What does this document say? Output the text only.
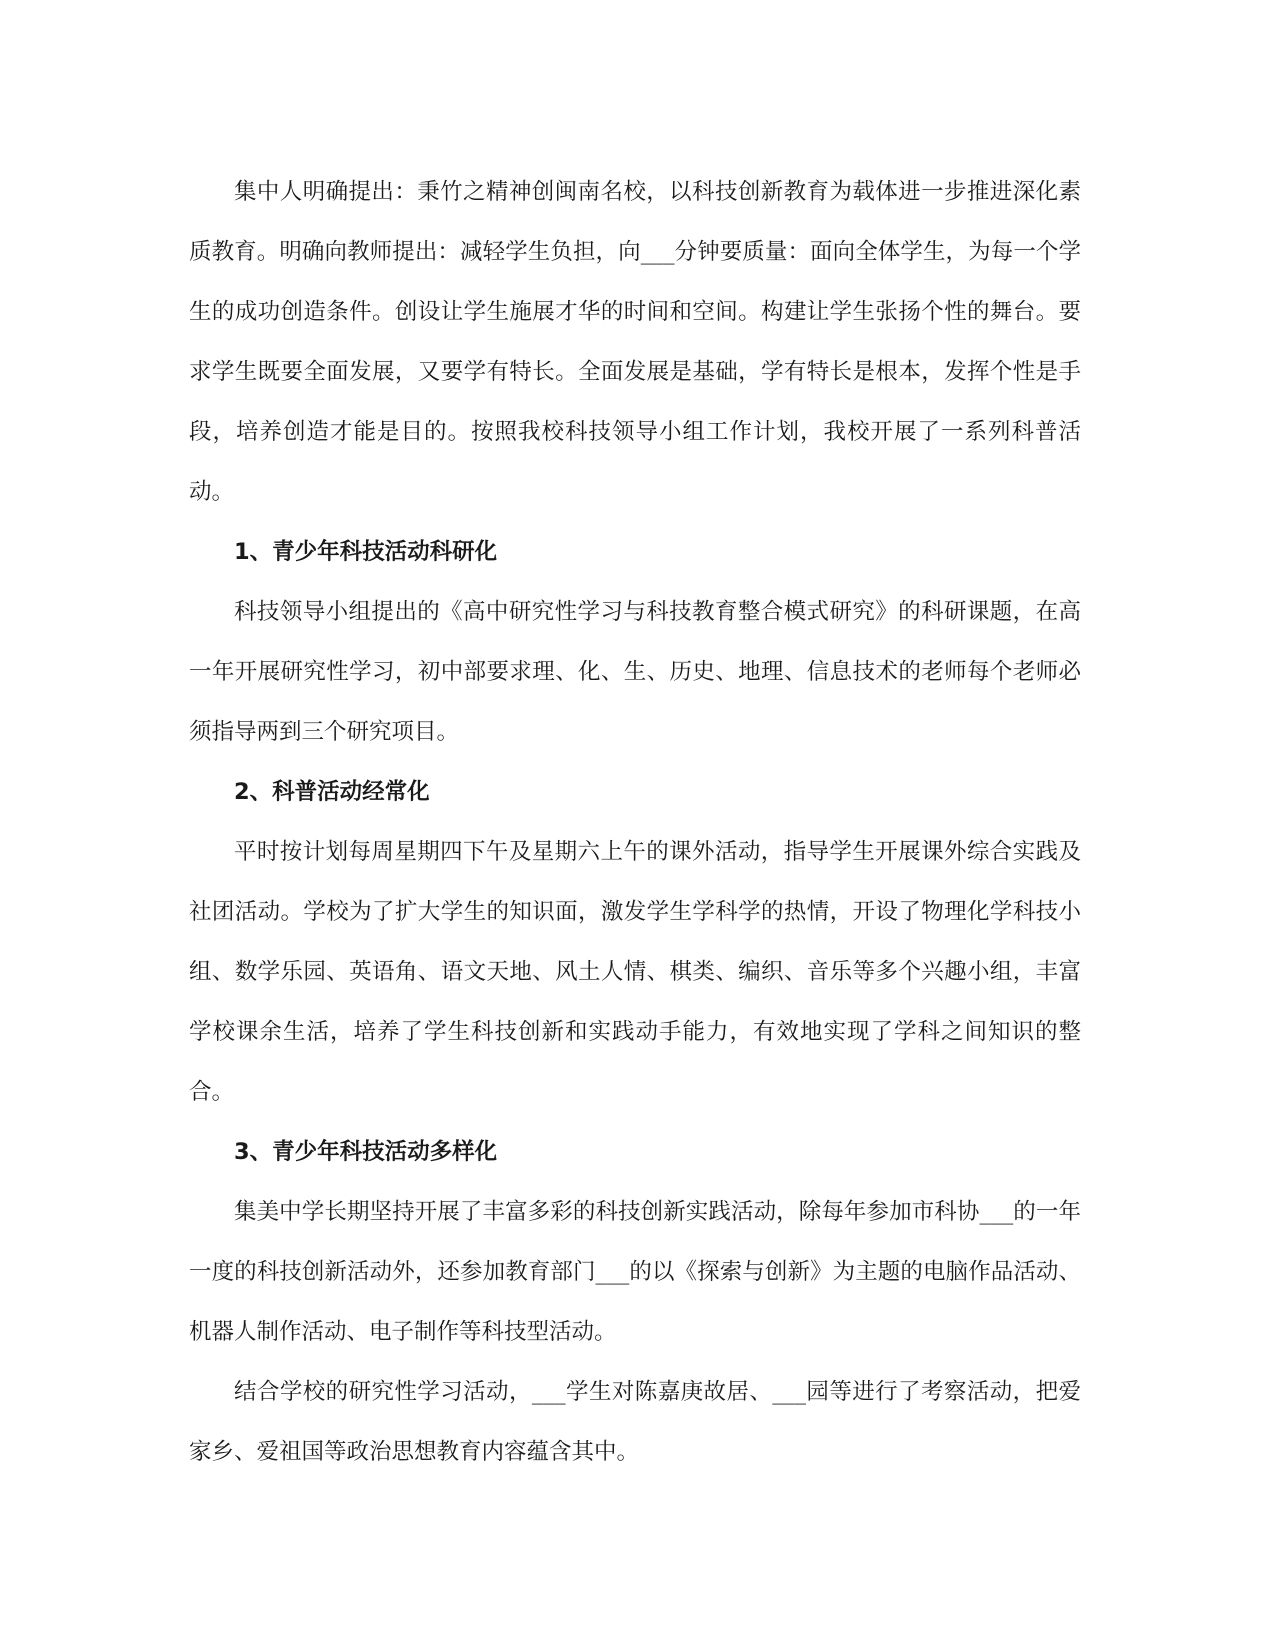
集中人明确提出：秉竹之精神创闽南名校，以科技创新教育为载体进一步推进深化素质教育。明确向教师提出：减轻学生负担，向___分钟要质量：面向全体学生，为每一个学生的成功创造条件。创设让学生施展才华的时间和空间。构建让学生张扬个性的舞台。要求学生既要全面发展，又要学有特长。全面发展是基础，学有特长是根本，发挥个性是手段，培养创造才能是目的。按照我校科技领导小组工作计划，我校开展了一系列科普活动。

1、青少年科技活动科研化

科技领导小组提出的《高中研究性学习与科技教育整合模式研究》的科研课题，在高一年开展研究性学习，初中部要求理、化、生、历史、地理、信息技术的老师每个老师必须指导两到三个研究项目。

2、科普活动经常化

平时按计划每周星期四下午及星期六上午的课外活动，指导学生开展课外综合实践及社团活动。学校为了扩大学生的知识面，激发学生学科学的热情，开设了物理化学科技小组、数学乐园、英语角、语文天地、风土人情、棋类、编织、音乐等多个兴趣小组，丰富学校课余生活，培养了学生科技创新和实践动手能力，有效地实现了学科之间知识的整合。

3、青少年科技活动多样化

集美中学长期坚持开展了丰富多彩的科技创新实践活动，除每年参加市科协___的一年一度的科技创新活动外，还参加教育部门___的以《探索与创新》为主题的电脑作品活动、机器人制作活动、电子制作等科技型活动。

结合学校的研究性学习活动，___学生对陈嘉庚故居、___园等进行了考察活动，把爱家乡、爱祖国等政治思想教育内容蕴含其中。
